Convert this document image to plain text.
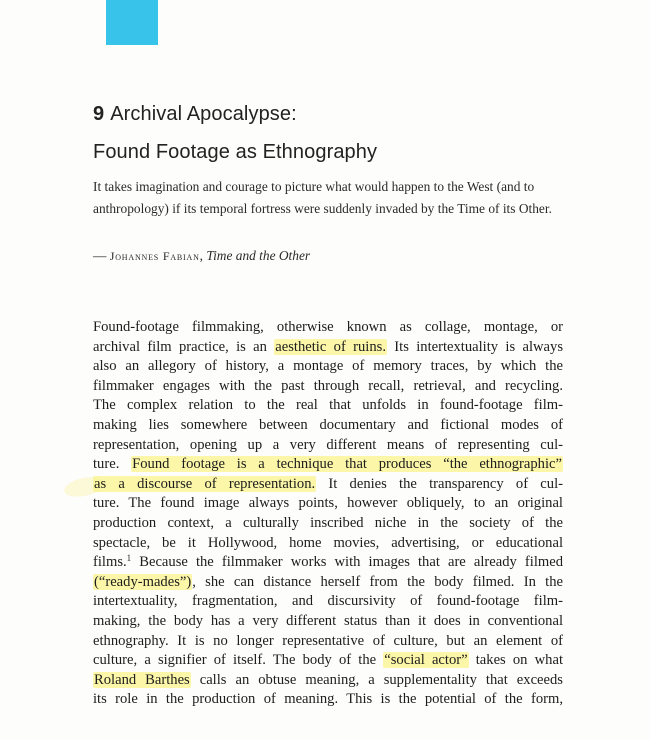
9 Archival Apocalypse:
Found Footage as Ethnography
It takes imagination and courage to picture what would happen to the West (and to anthropology) if its temporal fortress were suddenly invaded by the Time of its Other.
— Johannes Fabian, Time and the Other
Found-footage filmmaking, otherwise known as collage, montage, or
archival film practice, is an aesthetic of ruins. Its intertextuality is always
also an allegory of history, a montage of memory traces, by which the
filmmaker engages with the past through recall, retrieval, and recycling.
The complex relation to the real that unfolds in found-footage film-
making lies somewhere between documentary and fictional modes of
representation, opening up a very different means of representing cul-
ture. Found footage is a technique that produces “the ethnographic”
as a discourse of representation. It denies the transparency of cul-
ture. The found image always points, however obliquely, to an original
production context, a culturally inscribed niche in the society of the
spectacle, be it Hollywood, home movies, advertising, or educational
films.$^1$ Because the filmmaker works with images that are already filmed
(“ready-mades”), she can distance herself from the body filmed. In the
intertextuality, fragmentation, and discursivity of found-footage film-
making, the body has a very different status than it does in conventional
ethnography. It is no longer representative of culture, but an element of
culture, a signifier of itself. The body of the “social actor” takes on what
Roland Barthes calls an obtuse meaning, a supplementality that exceeds
its role in the production of meaning. This is the potential of the form,
